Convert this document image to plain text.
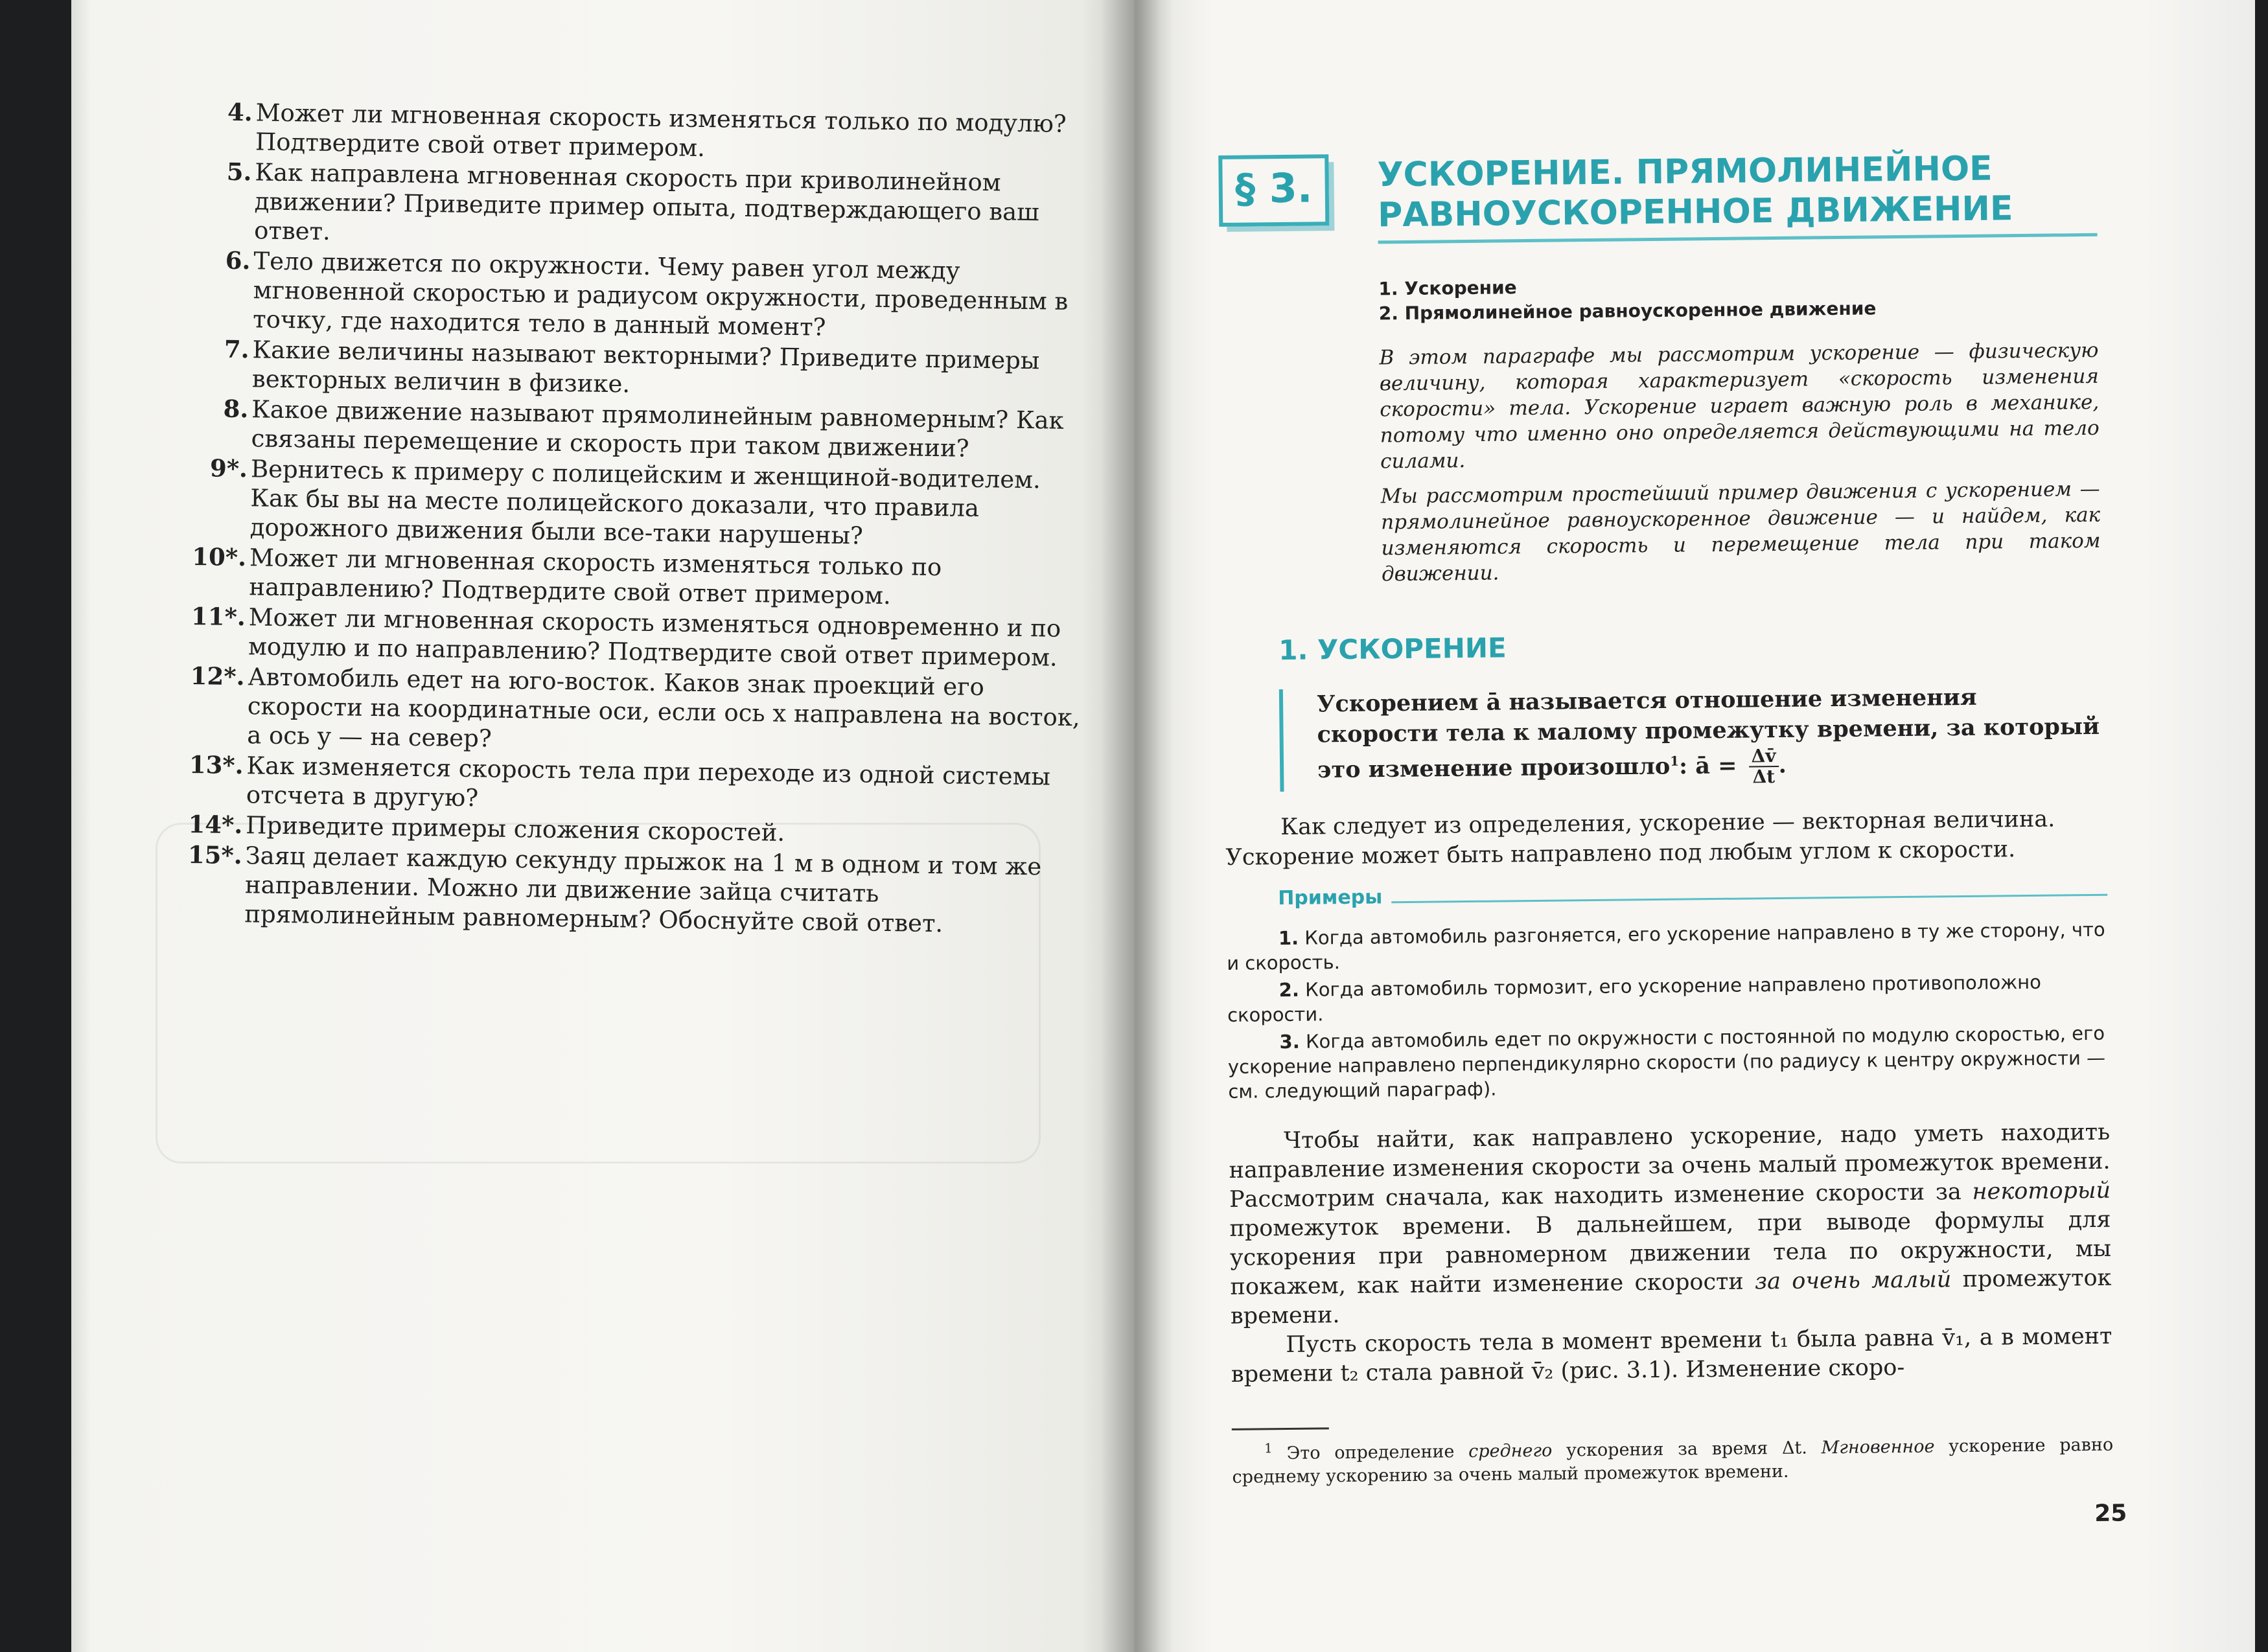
4. Может ли мгновенная скорость изменяться только по модулю? Подтвердите свой ответ примером.
5. Как направлена мгновенная скорость при криволинейном движении? Приведите пример опыта, подтверждающего ваш ответ.
6. Тело движется по окружности. Чему равен угол между мгновенной скоростью и радиусом окружности, проведенным в точку, где находится тело в данный момент?
7. Какие величины называют векторными? Приведите примеры векторных величин в физике.
8. Какое движение называют прямолинейным равномерным? Как связаны перемещение и скорость при таком движении?
9*. Вернитесь к примеру с полицейским и женщиной-водителем. Как бы вы на месте полицейского доказали, что правила дорожного движения были все-таки нарушены?
10*. Может ли мгновенная скорость изменяться только по направлению? Подтвердите свой ответ примером.
11*. Может ли мгновенная скорость изменяться одновременно и по модулю и по направлению? Подтвердите свой ответ примером.
12*. Автомобиль едет на юго-восток. Каков знак проекций его скорости на координатные оси, если ось x направлена на восток, а ось y — на север?
13*. Как изменяется скорость тела при переходе из одной системы отсчета в другую?
14*. Приведите примеры сложения скоростей.
15*. Заяц делает каждую секунду прыжок на 1 м в одном и том же направлении. Можно ли движение зайца считать прямолинейным равномерным? Обоснуйте свой ответ.
§ 3.	УСКОРЕНИЕ. ПРЯМОЛИНЕЙНОЕ РАВНОУСКОРЕННОЕ ДВИЖЕНИЕ
1. Ускорение
2. Прямолинейное равноускоренное движение

В этом параграфе мы рассмотрим ускорение — физическую величину, которая характеризует «скорость изменения скорости» тела. Ускорение играет важную роль в механике, потому что именно оно определяется действующими на тело силами.

Мы рассмотрим простейший пример движения с ускорением — прямолинейное равноускоренное движение — и найдем, как изменяются скорость и перемещение тела при таком движении.

1. УСКОРЕНИЕ
Ускорением ā называется отношение изменения скорости тела к малому промежутку времени, за который это изменение произошло$^1$: ā = $\frac{\Delta v̄}{\Delta t}$ .
Как следует из определения, ускорение — векторная величина.
Ускорение может быть направлено под любым углом к скорости.
Примеры
1. Когда автомобиль разгоняется, его ускорение направлено в ту же сторону, что и скорость.
2. Когда автомобиль тормозит, его ускорение направлено противоположно скорости.
3. Когда автомобиль едет по окружности с постоянной по модулю скоростью, его ускорение направлено перпендикулярно скорости (по радиусу к центру окружности — см. следующий параграф).

Чтобы найти, как направлено ускорение, надо уметь находить направление изменения скорости за очень малый промежуток времени. Рассмотрим сначала, как находить изменение скорости за некоторый промежуток времени. В дальнейшем, при выводе формулы для ускорения при равномерном движении тела по окружности, мы покажем, как найти изменение скорости за очень малый промежуток времени.

Пусть скорость тела в момент времени t₁ была равна v̄₁, а в момент времени t₂ стала равной v̄₂ (рис. 3.1). Изменение скоро-

$^1$ Это определение среднего ускорения за время Δt. Мгновенное ускорение равно среднему ускорению за очень малый промежуток времени.
25
